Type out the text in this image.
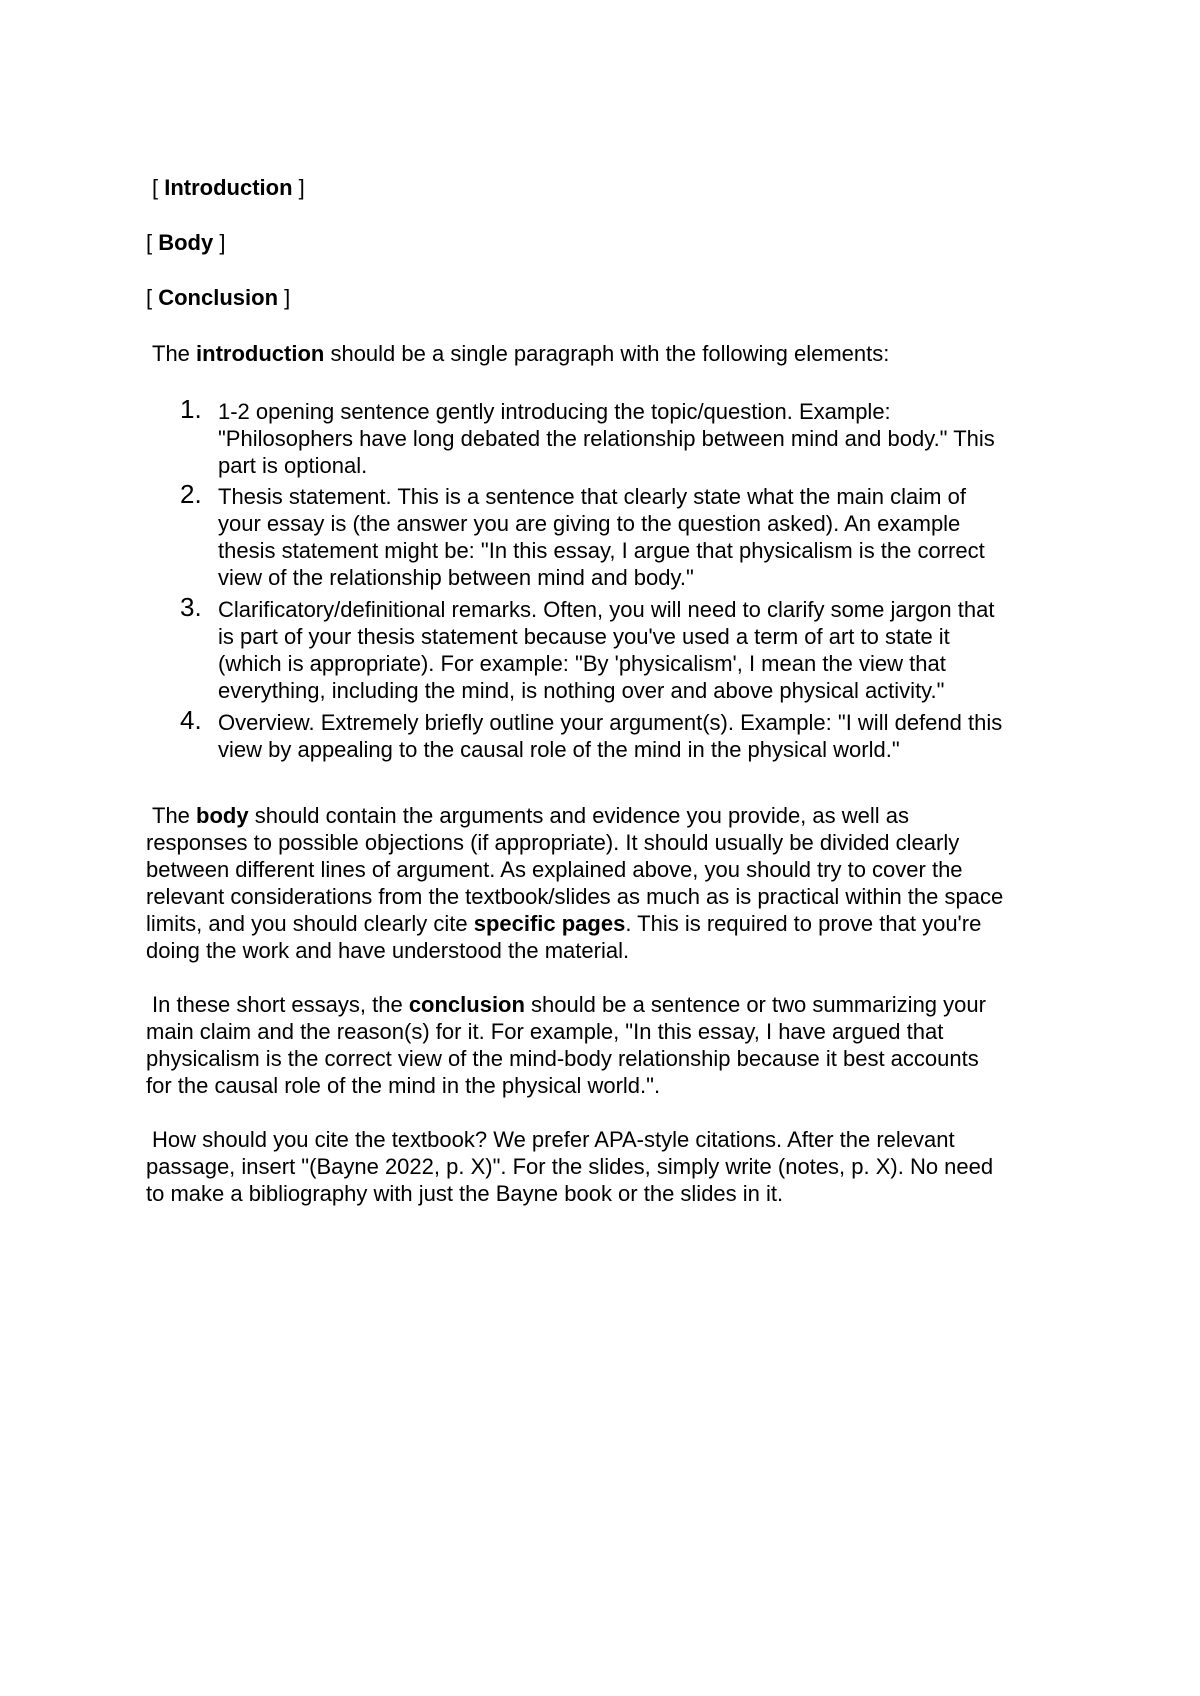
[ Introduction ]
[ Body ]
[ Conclusion ]
The introduction should be a single paragraph with the following elements:
1. 1-2 opening sentence gently introducing the topic/question. Example:
"Philosophers have long debated the relationship between mind and body." This
part is optional.
2. Thesis statement. This is a sentence that clearly state what the main claim of
your essay is (the answer you are giving to the question asked). An example
thesis statement might be: "In this essay, I argue that physicalism is the correct
view of the relationship between mind and body."
3. Clarificatory/definitional remarks. Often, you will need to clarify some jargon that
is part of your thesis statement because you've used a term of art to state it
(which is appropriate). For example: "By 'physicalism', I mean the view that
everything, including the mind, is nothing over and above physical activity."
4. Overview. Extremely briefly outline your argument(s). Example: "I will defend this
view by appealing to the causal role of the mind in the physical world."
The body should contain the arguments and evidence you provide, as well as
responses to possible objections (if appropriate). It should usually be divided clearly
between different lines of argument. As explained above, you should try to cover the
relevant considerations from the textbook/slides as much as is practical within the space
limits, and you should clearly cite specific pages. This is required to prove that you're
doing the work and have understood the material.
In these short essays, the conclusion should be a sentence or two summarizing your
main claim and the reason(s) for it. For example, "In this essay, I have argued that
physicalism is the correct view of the mind-body relationship because it best accounts
for the causal role of the mind in the physical world.".
How should you cite the textbook? We prefer APA-style citations. After the relevant
passage, insert "(Bayne 2022, p. X)". For the slides, simply write (notes, p. X). No need
to make a bibliography with just the Bayne book or the slides in it.
